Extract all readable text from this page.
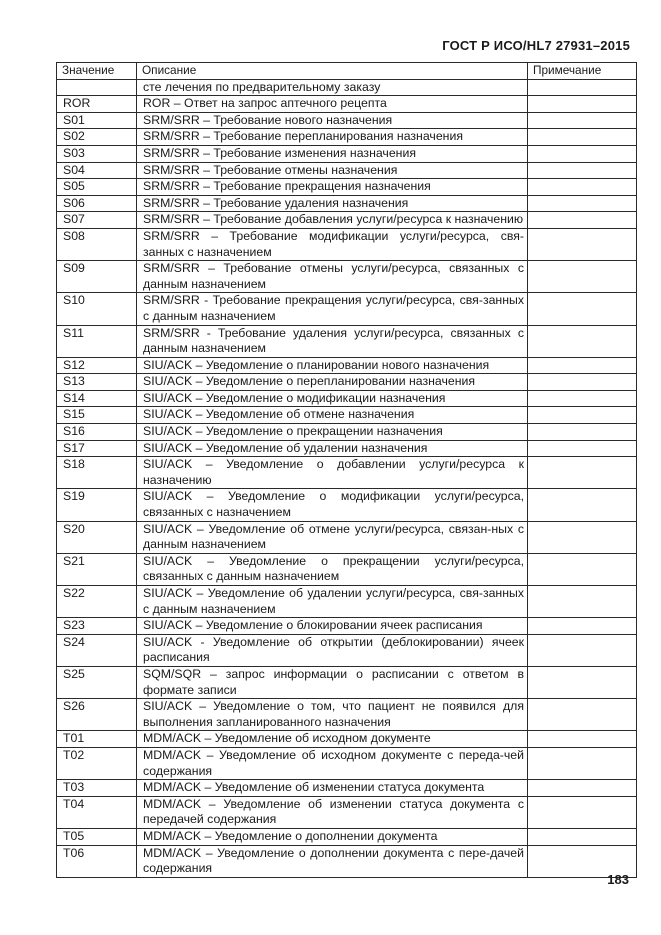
ГОСТ Р ИСО/HL7 27931–2015
Значение	Описание	Примечание
	сте лечения по предварительному заказу	
ROR	ROR – Ответ на запрос аптечного рецепта	
S01	SRM/SRR – Требование нового назначения	
S02	SRM/SRR – Требование перепланирования назначения	
S03	SRM/SRR – Требование изменения назначения	
S04	SRM/SRR – Требование отмены назначения	
S05	SRM/SRR – Требование прекращения назначения	
S06	SRM/SRR – Требование удаления назначения	
S07	SRM/SRR – Требование добавления услуги/ресурса к назначению	
S08	SRM/SRR – Требование модификации услуги/ресурса, свя-занных с назначением	
S09	SRM/SRR – Требование отмены услуги/ресурса, связанных с данным назначением	
S10	SRM/SRR - Требование прекращения услуги/ресурса, свя-занных с данным назначением	
S11	SRM/SRR - Требование удаления услуги/ресурса, связанных с данным назначением	
S12	SIU/ACK – Уведомление о планировании нового назначения	
S13	SIU/ACK – Уведомление о перепланировании назначения	
S14	SIU/ACK – Уведомление о модификации назначения	
S15	SIU/ACK – Уведомление об отмене назначения	
S16	SIU/ACK – Уведомление о прекращении назначения	
S17	SIU/ACK – Уведомление об удалении назначения	
S18	SIU/ACK – Уведомление о добавлении услуги/ресурса к назначению	
S19	SIU/ACK – Уведомление о модификации услуги/ресурса, связанных с назначением	
S20	SIU/ACK – Уведомление об отмене услуги/ресурса, связан-ных с данным назначением	
S21	SIU/ACK – Уведомление о прекращении услуги/ресурса, связанных с данным назначением	
S22	SIU/ACK – Уведомление об удалении услуги/ресурса, свя-занных с данным назначением	
S23	SIU/ACK – Уведомление о блокировании ячеек расписания	
S24	SIU/ACK - Уведомление об открытии (деблокировании) ячеек расписания	
S25	SQM/SQR – запрос информации о расписании с ответом в формате записи	
S26	SIU/ACK – Уведомление о том, что пациент не появился для выполнения запланированного назначения	
T01	MDM/ACK – Уведомление об исходном документе	
T02	MDM/ACK – Уведомление об исходном документе с переда-чей содержания	
T03	MDM/ACK – Уведомление об изменении статуса документа	
T04	MDM/ACK – Уведомление об изменении статуса документа с передачей содержания	
T05	MDM/ACK – Уведомление о дополнении документа	
T06	MDM/ACK – Уведомление о дополнении документа с пере-дачей содержания	
183
